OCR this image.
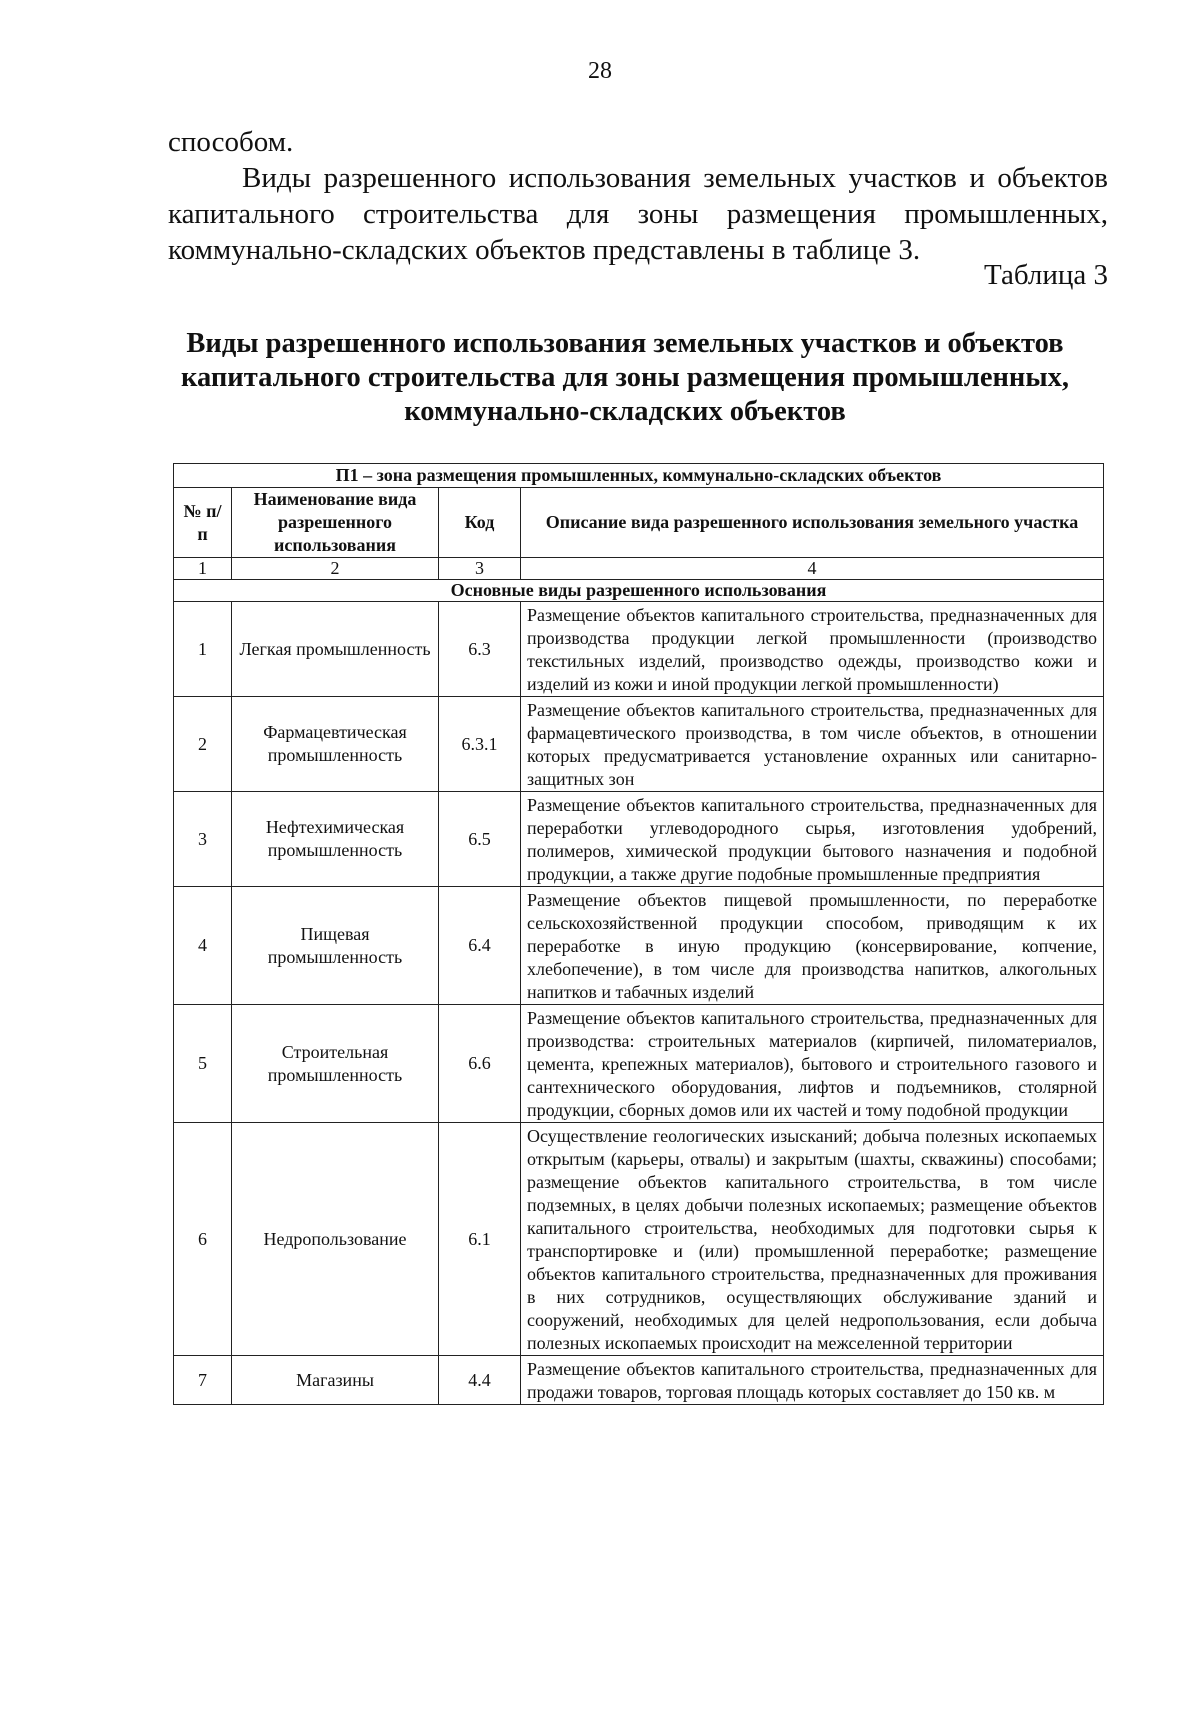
28
способом.
Виды разрешенного использования земельных участков и объектов капитального строительства для зоны размещения промышленных, коммунально-складских объектов представлены в таблице 3.
Таблица 3
Виды разрешенного использования земельных участков и объектов капитального строительства для зоны размещения промышленных, коммунально-складских объектов
П1 – зона размещения промышленных, коммунально-складских объектов			
№ п/п	Наименование вида разрешенного использования	Код	Описание вида разрешенного использования земельного участка
1	2	3	4
Основные виды разрешенного использования			
1	Легкая промышленность	6.3	Размещение объектов капитального строительства, предназначенных для производства продукции легкой промышленности (производство текстильных изделий, производство одежды, производство кожи и изделий из кожи и иной продукции легкой промышленности)
2	Фармацевтическая промышленность	6.3.1	Размещение объектов капитального строительства, предназначенных для фармацевтического производства, в том числе объектов, в отношении которых предусматривается установление охранных или санитарно-защитных зон
3	Нефтехимическая промышленность	6.5	Размещение объектов капитального строительства, предназначенных для переработки углеводородного сырья, изготовления удобрений, полимеров, химической продукции бытового назначения и подобной продукции, а также другие подобные промышленные предприятия
4	Пищевая промышленность	6.4	Размещение объектов пищевой промышленности, по переработке сельскохозяйственной продукции способом, приводящим к их переработке в иную продукцию (консервирование, копчение, хлебопечение), в том числе для производства напитков, алкогольных напитков и табачных изделий
5	Строительная промышленность	6.6	Размещение объектов капитального строительства, предназначенных для производства: строительных материалов (кирпичей, пиломатериалов, цемента, крепежных материалов), бытового и строительного газового и сантехнического оборудования, лифтов и подъемников, столярной продукции, сборных домов или их частей и тому подобной продукции
6	Недропользование	6.1	Осуществление геологических изысканий; добыча полезных ископаемых открытым (карьеры, отвалы) и закрытым (шахты, скважины) способами; размещение объектов капитального строительства, в том числе подземных, в целях добычи полезных ископаемых; размещение объектов капитального строительства, необходимых для подготовки сырья к транспортировке и (или) промышленной переработке; размещение объектов капитального строительства, предназначенных для проживания в них сотрудников, осуществляющих обслуживание зданий и сооружений, необходимых для целей недропользования, если добыча полезных ископаемых происходит на межселенной территории
7	Магазины	4.4	Размещение объектов капитального строительства, предназначенных для продажи товаров, торговая площадь которых составляет до 150 кв. м
